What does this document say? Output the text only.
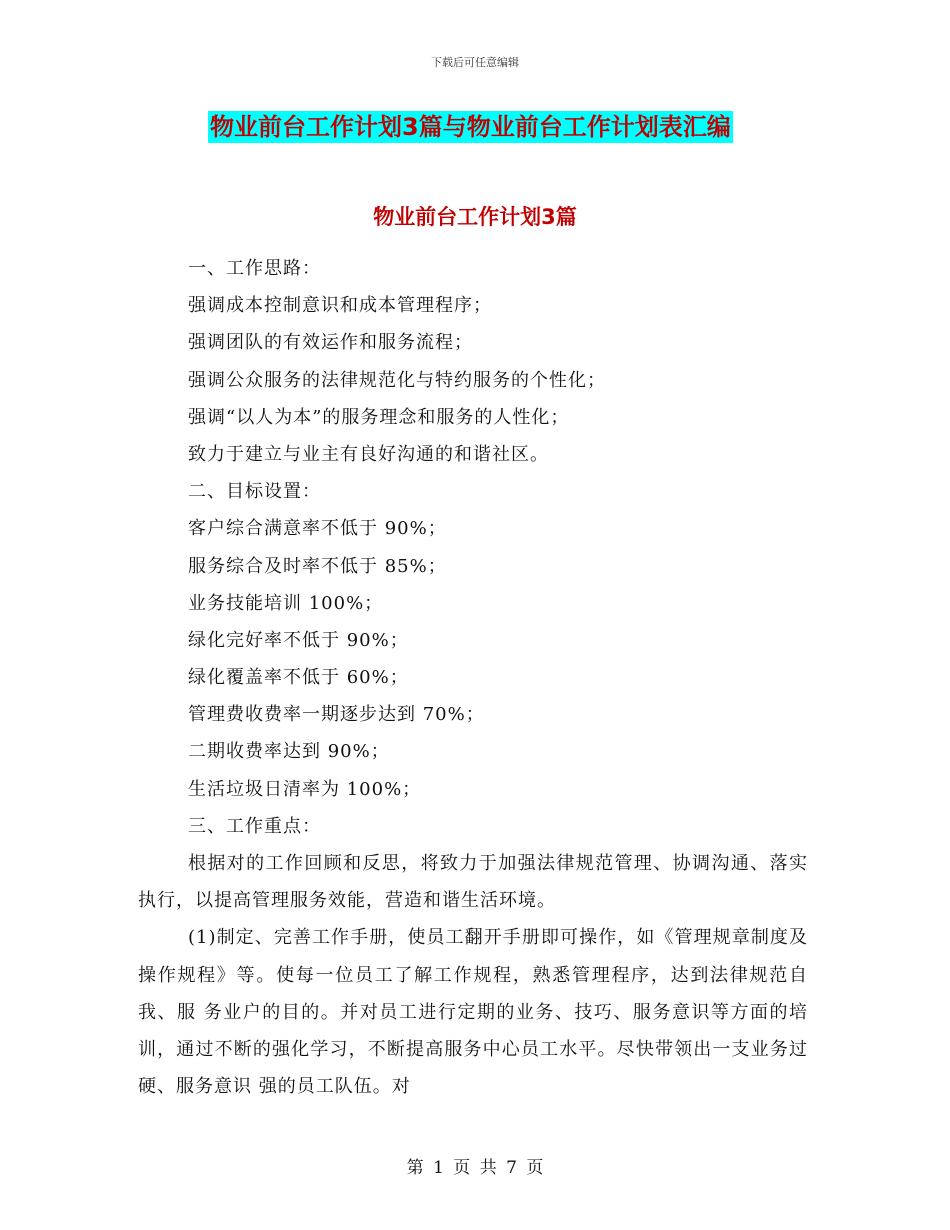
下载后可任意编辑
物业前台工作计划3篇与物业前台工作计划表汇编
物业前台工作计划3篇
一、工作思路：
强调成本控制意识和成本管理程序；
强调团队的有效运作和服务流程；
强调公众服务的法律规范化与特约服务的个性化；
强调“以人为本”的服务理念和服务的人性化；
致力于建立与业主有良好沟通的和谐社区。
二、目标设置：
客户综合满意率不低于 90%；
服务综合及时率不低于 85%；
业务技能培训 100%；
绿化完好率不低于 90%；
绿化覆盖率不低于 60%；
管理费收费率一期逐步达到 70%；
二期收费率达到 90%；
生活垃圾日清率为 100%；
三、工作重点：

根据对的工作回顾和反思，将致力于加强法律规范管理、协调沟通、落实执行，以提高管理服务效能，营造和谐生活环境。

(1)制定、完善工作手册，使员工翻开手册即可操作，如《管理规章制度及操作规程》等。使每一位员工了解工作规程，熟悉管理程序，达到法律规范自我、服 务业户的目的。并对员工进行定期的业务、技巧、服务意识等方面的培训，通过不断的强化学习，不断提高服务中心员工水平。尽快带领出一支业务过硬、服务意识 强的员工队伍。对

第 1 页 共 7 页
